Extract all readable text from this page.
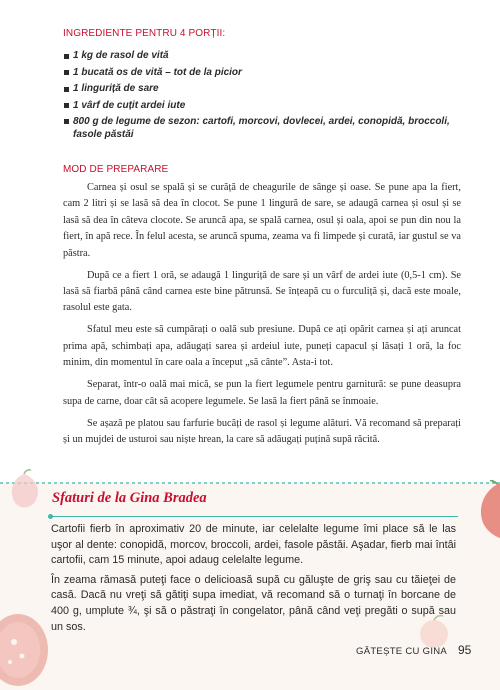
INGREDIENTE PENTRU 4 PORȚII:
1 kg de rasol de vită
1 bucată os de vită – tot de la picior
1 linguriță de sare
1 vârf de cuțit ardei iute
800 g de legume de sezon: cartofi, morcovi, dovlecei, ardei, conopidă, broccoli, fasole păstăi
MOD DE PREPARARE

Carnea și osul se spală și se curăță de cheagurile de sânge și oase. Se pune apa la fiert, cam 2 litri și se lasă să dea în clocot. Se pune 1 lingură de sare, se adaugă carnea și osul și se lasă să dea în câteva clocote. Se aruncă apa, se spală carnea, osul și oala, apoi se pun din nou la fiert, în apă rece. În felul acesta, se aruncă spuma, zeama va fi limpede și curată, iar gustul se va păstra.

După ce a fiert 1 oră, se adaugă 1 linguriță de sare și un vârf de ardei iute (0,5-1 cm). Se lasă să fiarbă până când carnea este bine pătrunsă. Se înțeapă cu o furculiță și, dacă este moale, rasolul este gata.

Sfatul meu este să cumpărați o oală sub presiune. După ce ați opărit carnea și ați aruncat prima apă, schimbați apa, adăugați sarea și ardeiul iute, puneți capacul și lăsați 1 oră, la foc minim, din momentul în care oala a început „să cânte”. Asta-i tot.

Separat, într-o oală mai mică, se pun la fiert legumele pentru garnitură: se pune deasupra supa de carne, doar cât să acopere legumele. Se lasă la fiert până se înmoaie.

Se așază pe platou sau farfurie bucăți de rasol și legume alături. Vă recomand să preparați și un mujdei de usturoi sau niște hrean, la care să adăugați puțină supă răcită.

Sfaturi de la Gina Bradea

Cartofii fierb în aproximativ 20 de minute, iar celelalte legume îmi place să le las uşor al dente: conopidă, morcov, broccoli, ardei, fasole păstăi. Aşadar, fierb mai întâi cartofii, cam 15 minute, apoi adaug celelalte legume.

În zeama rămasă puteţi face o delicioasă supă cu găluşte de griş sau cu tăieţei de casă. Dacă nu vreţi să gătiţi supa imediat, vă recomand să o turnaţi în borcane de 400 g, umplute ¾, şi să o păstraţi în congelator, până când veţi pregăti o supă sau un sos.

GĂTEȘTE CU GINA 95
